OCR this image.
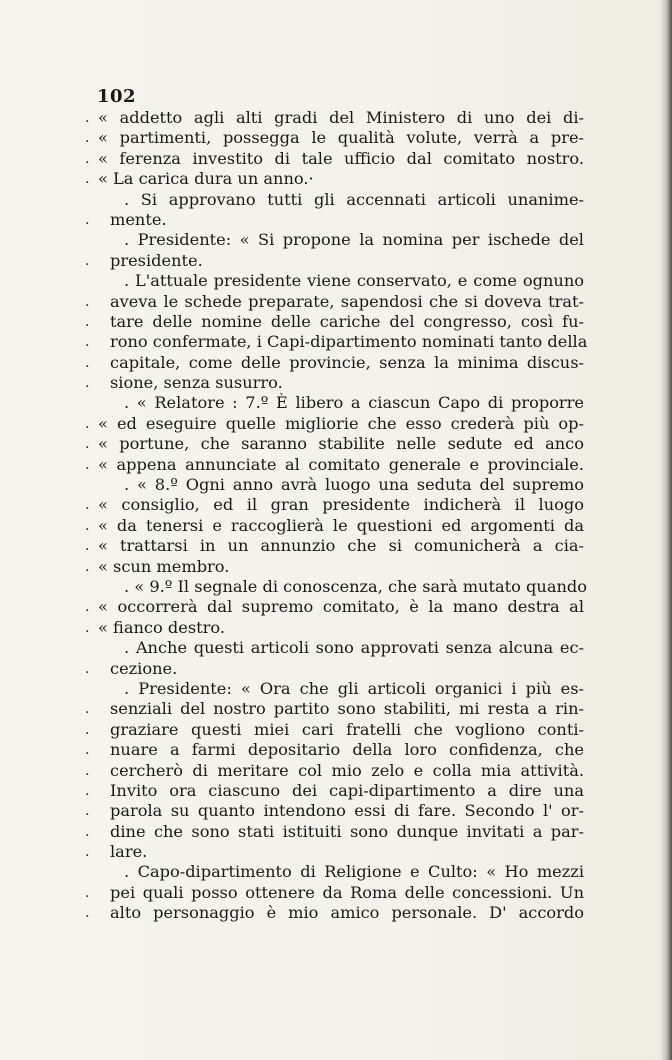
102
. « addetto agli alti gradi del Ministero di uno dei di-
. « partimenti, possegga le qualità volute, verrà a pre-
. « ferenza investito di tale ufficio dal comitato nostro.
. « La carica dura un anno.·
. Si approvano tutti gli accennati articoli unanime-
.	mente.
. Presidente: « Si propone la nomina per ischede del
.	presidente.
. L'attuale presidente viene conservato, e come ognuno
.	aveva le schede preparate, sapendosi che si doveva trat-
.	tare delle nomine delle cariche del congresso, così fu-
.	rono confermate, i Capi-dipartimento nominati tanto della
.	capitale, come delle provincie, senza la minima discus-
.	sione, senza susurro.
. « Relatore : 7.º È libero a ciascun Capo di proporre
. « ed eseguire quelle migliorie che esso crederà più op-
. « portune, che saranno stabilite nelle sedute ed anco
. « appena annunciate al comitato generale e provinciale.
. « 8.º Ogni anno avrà luogo una seduta del supremo
. « consiglio, ed il gran presidente indicherà il luogo
. « da tenersi e raccoglierà le questioni ed argomenti da
. « trattarsi in un annunzio che si comunicherà a cia-
. « scun membro.
. « 9.º Il segnale di conoscenza, che sarà mutato quando
. « occorrerà dal supremo comitato, è la mano destra al
. « fianco destro.
. Anche questi articoli sono approvati senza alcuna ec-
.	cezione.
. Presidente: « Ora che gli articoli organici i più es-
.	senziali del nostro partito sono stabiliti, mi resta a rin-
.	graziare questi miei cari fratelli che vogliono conti-
.	nuare a farmi depositario della loro confidenza, che
.	cercherò di meritare col mio zelo e colla mia attività.
.	Invito ora ciascuno dei capi-dipartimento a dire una
.	parola su quanto intendono essi di fare. Secondo l' or-
.	dine che sono stati istituiti sono dunque invitati a par-
.	lare.
. Capo-dipartimento di Religione e Culto: « Ho mezzi
.	pei quali posso ottenere da Roma delle concessioni. Un
.	alto personaggio è mio amico personale. D' accordo
